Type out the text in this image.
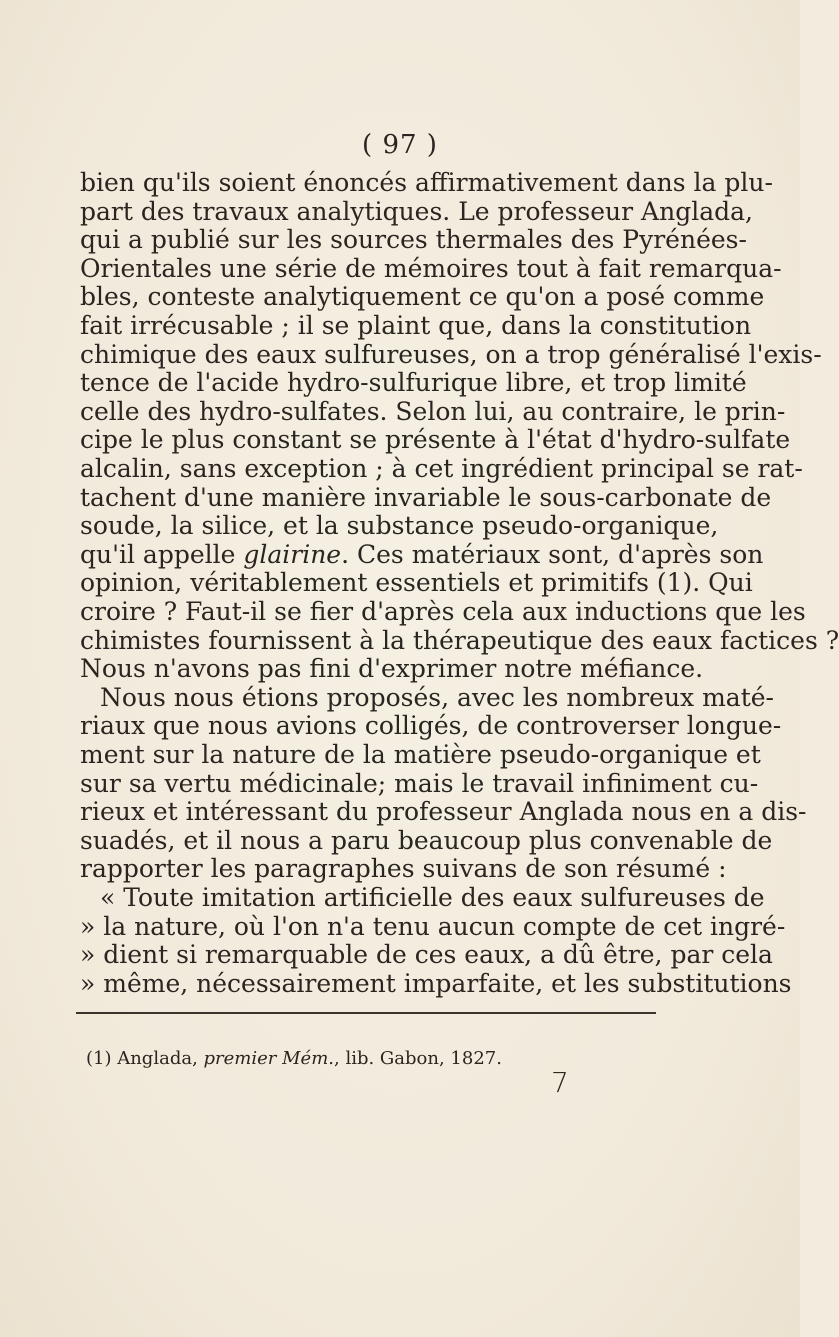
( 97 )
bien qu'ils soient énoncés affirmativement dans la plu-
part des travaux analytiques. Le professeur Anglada,
qui a publié sur les sources thermales des Pyrénées-
Orientales une série de mémoires tout à fait remarqua-
bles, conteste analytiquement ce qu'on a posé comme
fait irrécusable ; il se plaint que, dans la constitution
chimique des eaux sulfureuses, on a trop généralisé l'exis-
tence de l'acide hydro-sulfurique libre, et trop limité
celle des hydro-sulfates. Selon lui, au contraire, le prin-
cipe le plus constant se présente à l'état d'hydro-sulfate
alcalin, sans exception ; à cet ingrédient principal se rat-
tachent d'une manière invariable le sous-carbonate de
soude, la silice, et la substance pseudo-organique,
qu'il appelle glairine. Ces matériaux sont, d'après son
opinion, véritablement essentiels et primitifs (1). Qui
croire ? Faut-il se fier d'après cela aux inductions que les
chimistes fournissent à la thérapeutique des eaux factices ?
Nous n'avons pas fini d'exprimer notre méfiance.
Nous nous étions proposés, avec les nombreux maté-
riaux que nous avions colligés, de controverser longue-
ment sur la nature de la matière pseudo-organique et
sur sa vertu médicinale; mais le travail infiniment cu-
rieux et intéressant du professeur Anglada nous en a dis-
suadés, et il nous a paru beaucoup plus convenable de
rapporter les paragraphes suivans de son résumé :
« Toute imitation artificielle des eaux sulfureuses de
» la nature, où l'on n'a tenu aucun compte de cet ingré-
(1) Anglada, premier Mém., lib. Gabon, 1827.
7
» dient si remarquable de ces eaux, a dû être, par cela
» même, nécessairement imparfaite, et les substitutions
